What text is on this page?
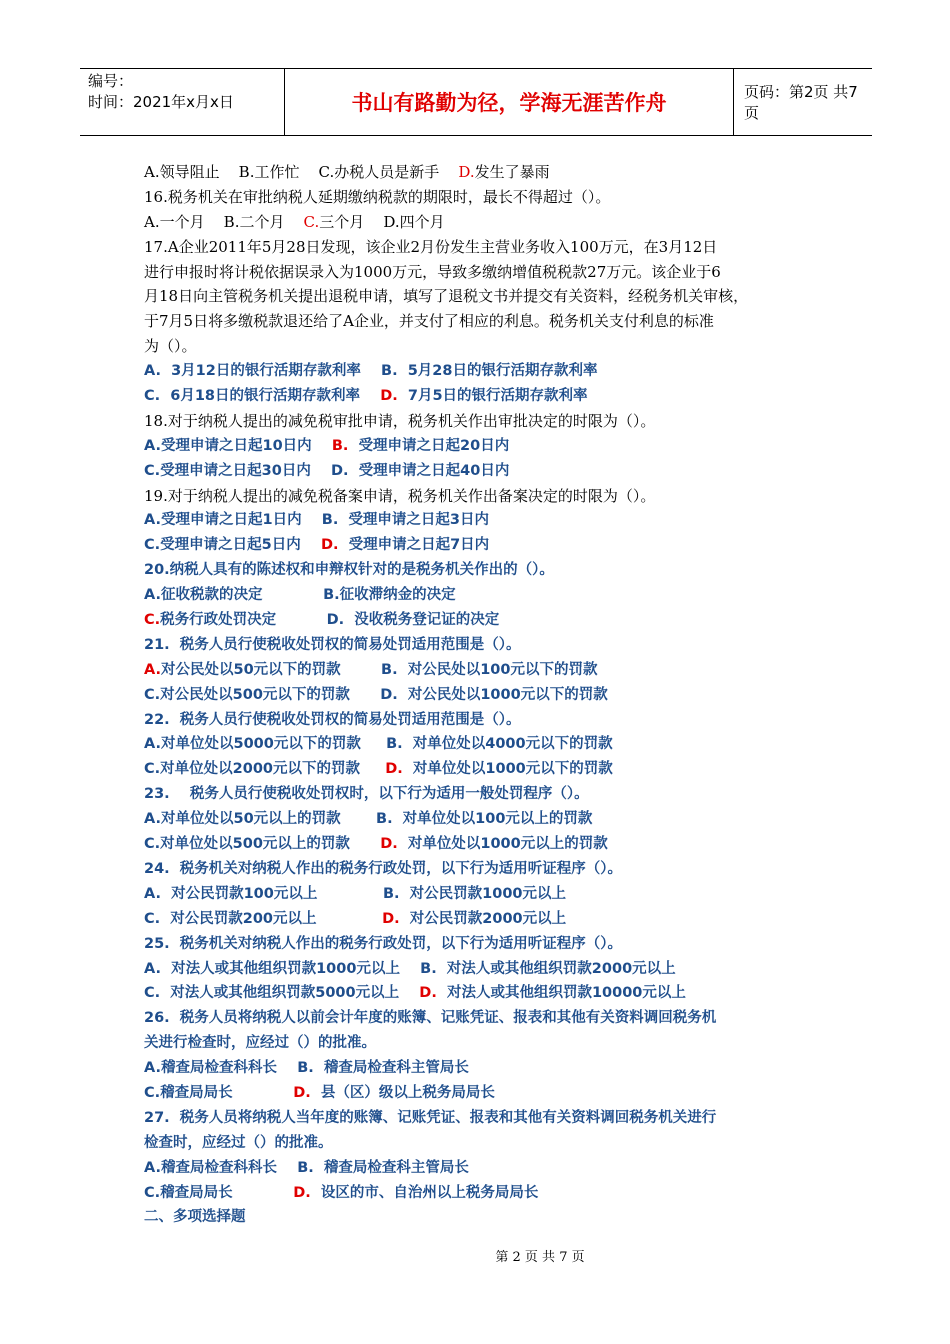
编号：
时间：2021年x月x日	书山有路勤为径，学海无涯苦作舟	页码：第2页 共7页
A.领导阻止    B.工作忙    C.办税人员是新手    D.发生了暴雨
16.税务机关在审批纳税人延期缴纳税款的期限时，最长不得超过（）。
A.一个月    B.二个月    C.三个月    D.四个月
17.A企业2011年5月28日发现，该企业2月份发生主营业务收入100万元，在3月12日
进行申报时将计税依据误录入为1000万元，导致多缴纳增值税税款27万元。该企业于6
月18日向主管税务机关提出退税申请，填写了退税文书并提交有关资料，经税务机关审核，
于7月5日将多缴税款退还给了A企业，并支付了相应的利息。税务机关支付利息的标准
为（）。
A.  3月12日的银行活期存款利率    B.  5月28日的银行活期存款利率
C.  6月18日的银行活期存款利率    D.  7月5日的银行活期存款利率
18.对于纳税人提出的减免税审批申请，税务机关作出审批决定的时限为（）。
A.受理申请之日起10日内    B.  受理申请之日起20日内
C.受理申请之日起30日内    D.  受理申请之日起40日内
19.对于纳税人提出的减免税备案申请，税务机关作出备案决定的时限为（）。
A.受理申请之日起1日内    B.  受理申请之日起3日内
C.受理申请之日起5日内    D.  受理申请之日起7日内
20.纳税人具有的陈述权和申辩权针对的是税务机关作出的（）。
A.征收税款的决定            B.征收滞纳金的决定
C.税务行政处罚决定          D.  没收税务登记证的决定
21.  税务人员行使税收处罚权的简易处罚适用范围是（）。
A.对公民处以50元以下的罚款        B.  对公民处以100元以下的罚款
C.对公民处以500元以下的罚款      D.  对公民处以1000元以下的罚款
22.  税务人员行使税收处罚权的简易处罚适用范围是（）。
A.对单位处以5000元以下的罚款     B.  对单位处以4000元以下的罚款
C.对单位处以2000元以下的罚款     D.  对单位处以1000元以下的罚款
23.    税务人员行使税收处罚权时，以下行为适用一般处罚程序（）。
A.对单位处以50元以上的罚款       B.  对单位处以100元以上的罚款
C.对单位处以500元以上的罚款      D.  对单位处以1000元以上的罚款
24.  税务机关对纳税人作出的税务行政处罚，以下行为适用听证程序（）。
A.  对公民罚款100元以上             B.  对公民罚款1000元以上
C.  对公民罚款200元以上             D.  对公民罚款2000元以上
25.  税务机关对纳税人作出的税务行政处罚，以下行为适用听证程序（）。
A.  对法人或其他组织罚款1000元以上    B.  对法人或其他组织罚款2000元以上
C.  对法人或其他组织罚款5000元以上    D.  对法人或其他组织罚款10000元以上
26.  税务人员将纳税人以前会计年度的账簿、记账凭证、报表和其他有关资料调回税务机
关进行检查时，应经过（）的批准。
A.稽查局检查科科长    B.  稽查局检查科主管局长
C.稽查局局长            D.  县（区）级以上税务局局长
27.  税务人员将纳税人当年度的账簿、记账凭证、报表和其他有关资料调回税务机关进行
检查时，应经过（）的批准。
A.稽查局检查科科长    B.  稽查局检查科主管局长
C.稽查局局长            D.  设区的市、自治州以上税务局局长
二、多项选择题
第 2 页 共 7 页
